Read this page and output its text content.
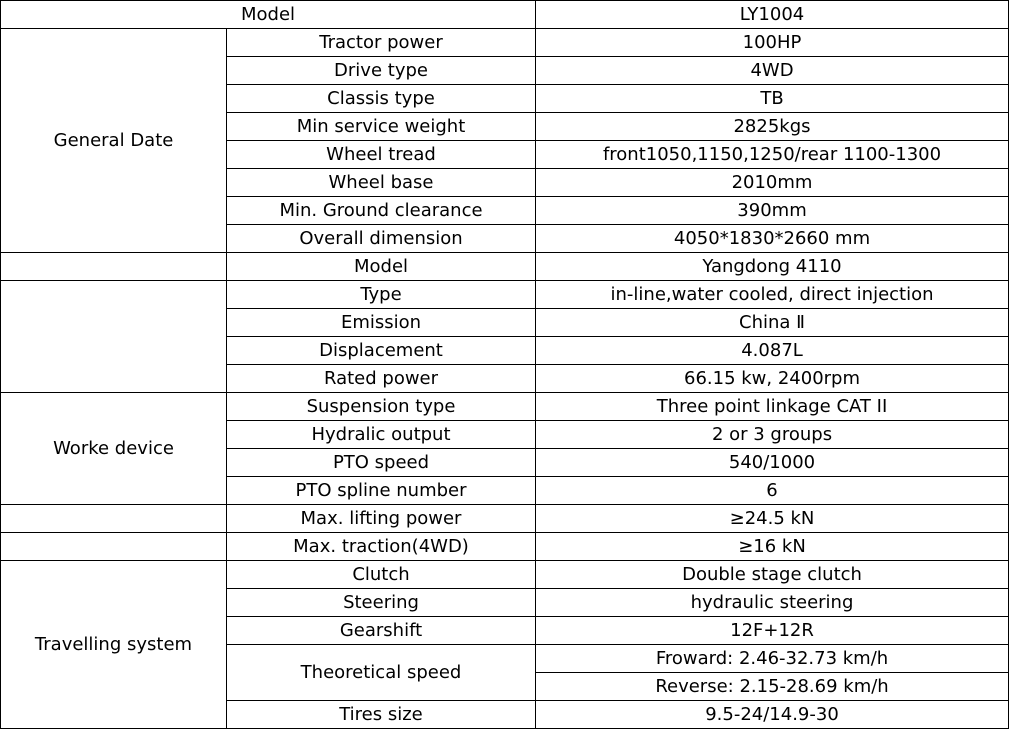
Model		LY1004
General Date	Tractor power	100HP
	Drive type	4WD
	Classis type	TB
	Min service weight	2825kgs
	Wheel tread	front1050,1150,1250/rear 1100-1300
	Wheel base	2010mm
	Min. Ground clearance	390mm
	Overall dimension	4050*1830*2660 mm
	Model	Yangdong 4110
	Type	in-line,water cooled, direct injection
	Emission	China Ⅱ
	Displacement	4.087L
	Rated power	66.15 kw, 2400rpm
Worke device	Suspension type	Three point linkage CAT II
	Hydralic output	2 or 3 groups
	PTO speed	540/1000
	PTO spline number	6
	Max. lifting power	≥24.5 kN
	Max. traction(4WD)	≥16 kN
Travelling system	Clutch	Double stage clutch
	Steering	hydraulic steering
	Gearshift	12F+12R
	Theoretical speed	Froward: 2.46-32.73 km/h
		Reverse: 2.15-28.69 km/h
	Tires size	9.5-24/14.9-30
